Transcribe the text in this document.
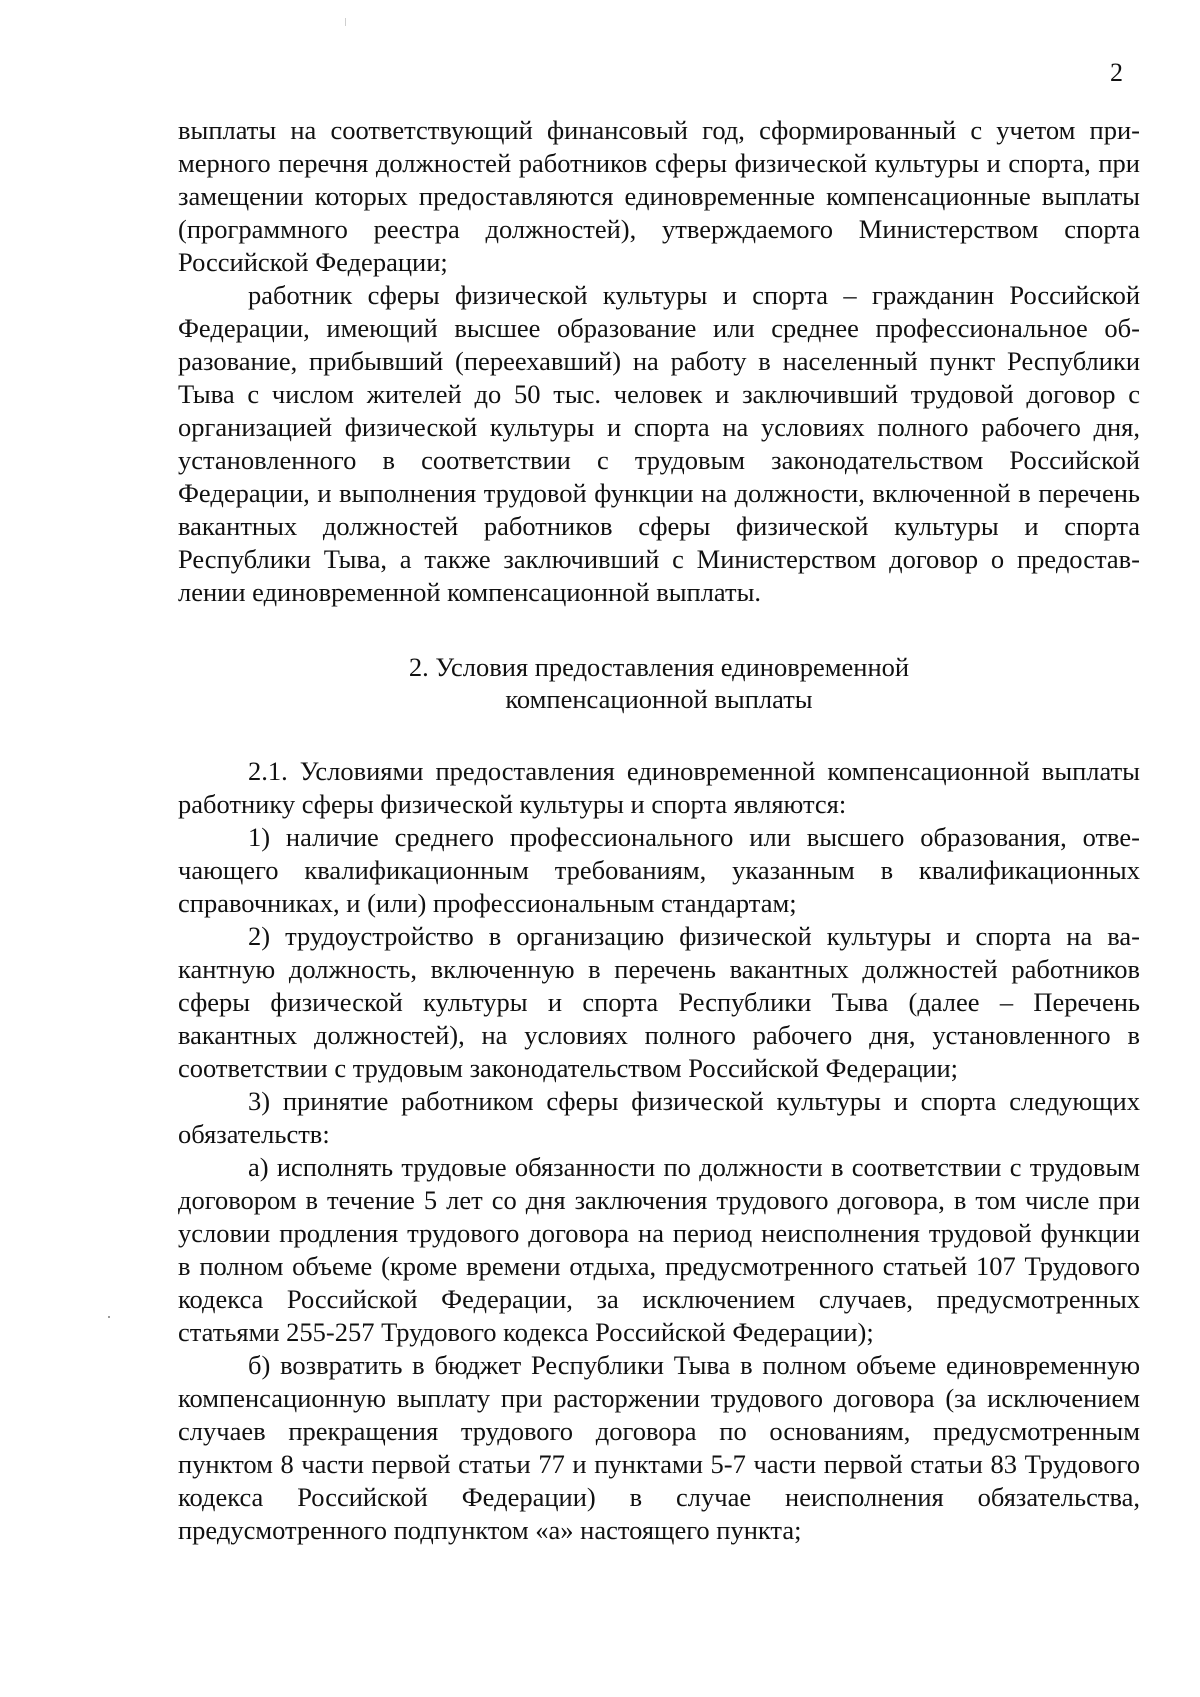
2

выплаты на соответствующий финансовый год, сформированный с учетом примерного перечня должностей работников сферы физической культуры и спорта, при замещении которых предоставляются единовременные компенсационные выплаты (программного реестра должностей), утверждаемого Министерством спорта Российской Федерации;

работник сферы физической культуры и спорта – гражданин Российской Федерации, имеющий высшее образование или среднее профессиональное образование, прибывший (переехавший) на работу в населенный пункт Республики Тыва с числом жителей до 50 тыс. человек и заключивший трудовой договор с организацией физической культуры и спорта на условиях полного рабочего дня, установленного в соответствии с трудовым законодательством Российской Федерации, и выполнения трудовой функции на должности, включенной в перечень вакантных должностей работников сферы физической культуры и спорта Республики Тыва, а также заключивший с Министерством договор о предоставлении единовременной компенсационной выплаты.

2. Условия предоставления единовременной
компенсационной выплаты

2.1. Условиями предоставления единовременной компенсационной выплаты работнику сферы физической культуры и спорта являются:

1) наличие среднего профессионального или высшего образования, отвечающего квалификационным требованиям, указанным в квалификационных справочниках, и (или) профессиональным стандартам;

2) трудоустройство в организацию физической культуры и спорта на вакантную должность, включенную в перечень вакантных должностей работников сферы физической культуры и спорта Республики Тыва (далее – Перечень вакантных должностей), на условиях полного рабочего дня, установленного в соответствии с трудовым законодательством Российской Федерации;

3) принятие работником сферы физической культуры и спорта следующих обязательств:

а) исполнять трудовые обязанности по должности в соответствии с трудовым договором в течение 5 лет со дня заключения трудового договора, в том числе при условии продления трудового договора на период неисполнения трудовой функции в полном объеме (кроме времени отдыха, предусмотренного статьей 107 Трудового кодекса Российской Федерации, за исключением случаев, предусмотренных статьями 255-257 Трудового кодекса Российской Федерации);

б) возвратить в бюджет Республики Тыва в полном объеме единовременную компенсационную выплату при расторжении трудового договора (за исключением случаев прекращения трудового договора по основаниям, предусмотренным пунктом 8 части первой статьи 77 и пунктами 5-7 части первой статьи 83 Трудового кодекса Российской Федерации) в случае неисполнения обязательства, предусмотренного подпунктом «а» настоящего пункта;
